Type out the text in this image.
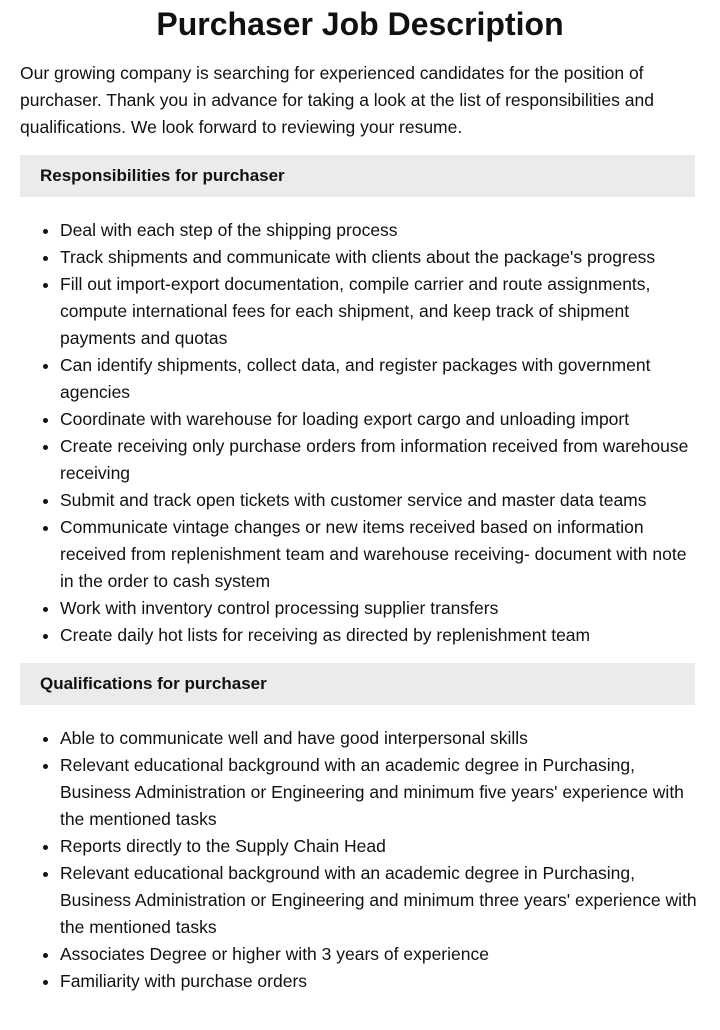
Purchaser Job Description

Our growing company is searching for experienced candidates for the position of purchaser. Thank you in advance for taking a look at the list of responsibilities and qualifications. We look forward to reviewing your resume.

Responsibilities for purchaser
• Deal with each step of the shipping process
• Track shipments and communicate with clients about the package's progress
• Fill out import-export documentation, compile carrier and route assignments, compute international fees for each shipment, and keep track of shipment payments and quotas
• Can identify shipments, collect data, and register packages with government agencies
• Coordinate with warehouse for loading export cargo and unloading import
• Create receiving only purchase orders from information received from warehouse receiving
• Submit and track open tickets with customer service and master data teams
• Communicate vintage changes or new items received based on information received from replenishment team and warehouse receiving- document with note in the order to cash system
• Work with inventory control processing supplier transfers
• Create daily hot lists for receiving as directed by replenishment team
Qualifications for purchaser
• Able to communicate well and have good interpersonal skills
• Relevant educational background with an academic degree in Purchasing, Business Administration or Engineering and minimum five years' experience with the mentioned tasks
• Reports directly to the Supply Chain Head
• Relevant educational background with an academic degree in Purchasing, Business Administration or Engineering and minimum three years' experience with the mentioned tasks
• Associates Degree or higher with 3 years of experience
• Familiarity with purchase orders
